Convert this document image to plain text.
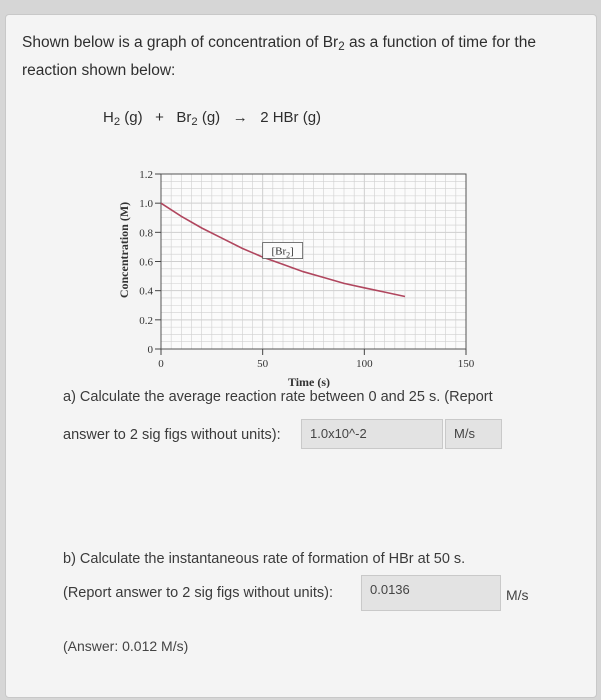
Shown below is a graph of concentration of $Br_2$ as a function of time for the reaction shown below:
$H_2$ $(g) + Br_2$ (g) → 2 HBr (g)
0
0.2
0.4
0.6
0.8
1.0
1.2
0	50	100	150
$[Br_2]$
Concentration (M)
Time (s)
a) Calculate the average reaction rate between 0 and 25 s. (Report
answer to 2 sig figs without units):	1.0x10^-2	M/s
b) Calculate the instantaneous rate of formation of HBr at 50 s.
(Report answer to 2 sig figs without units):	0.0136	M/s
(Answer: 0.012 M/s)
